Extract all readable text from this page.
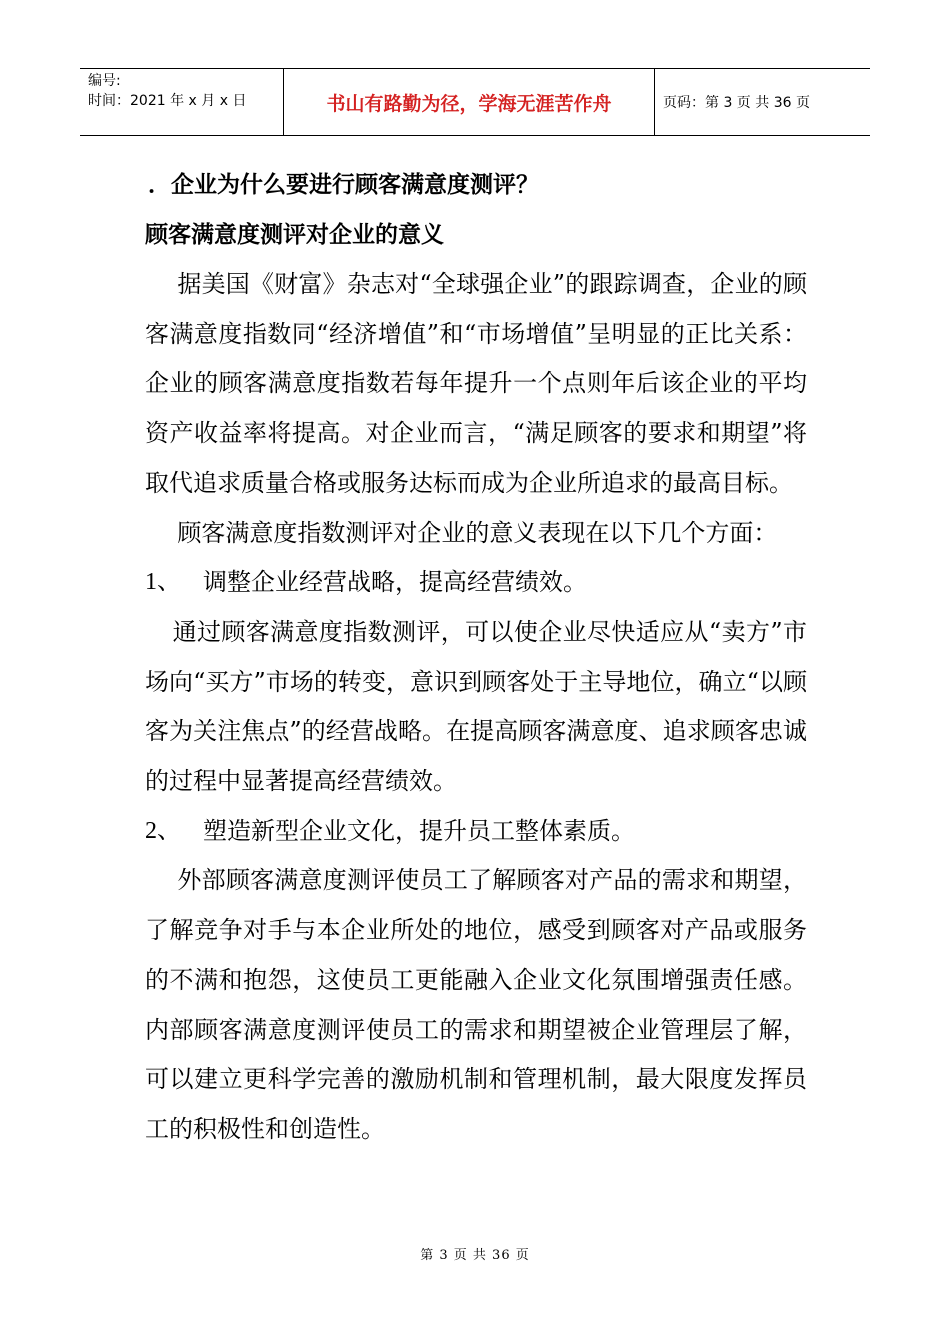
编号:
时间：2021 年 x 月 x 日	书山有路勤为径，学海无涯苦作舟	页码：第 3 页 共 36 页
．企业为什么要进行顾客满意度测评？
顾客满意度测评对企业的意义

据美国《财富》杂志对“全球强企业”的跟踪调查，企业的顾客满意度指数同“经济增值”和“市场增值”呈明显的正比关系：企业的顾客满意度指数若每年提升一个点则年后该企业的平均资产收益率将提高。对企业而言，“满足顾客的要求和期望”将取代追求质量合格或服务达标而成为企业所追求的最高目标。

顾客满意度指数测评对企业的意义表现在以下几个方面：

1、 调整企业经营战略，提高经营绩效。

通过顾客满意度指数测评，可以使企业尽快适应从“卖方”市场向“买方”市场的转变，意识到顾客处于主导地位，确立“以顾客为关注焦点”的经营战略。在提高顾客满意度、追求顾客忠诚的过程中显著提高经营绩效。

2、 塑造新型企业文化，提升员工整体素质。

外部顾客满意度测评使员工了解顾客对产品的需求和期望，了解竞争对手与本企业所处的地位，感受到顾客对产品或服务的不满和抱怨，这使员工更能融入企业文化氛围增强责任感。内部顾客满意度测评使员工的需求和期望被企业管理层了解，可以建立更科学完善的激励机制和管理机制，最大限度发挥员工的积极性和创造性。

第 3 页 共 36 页
